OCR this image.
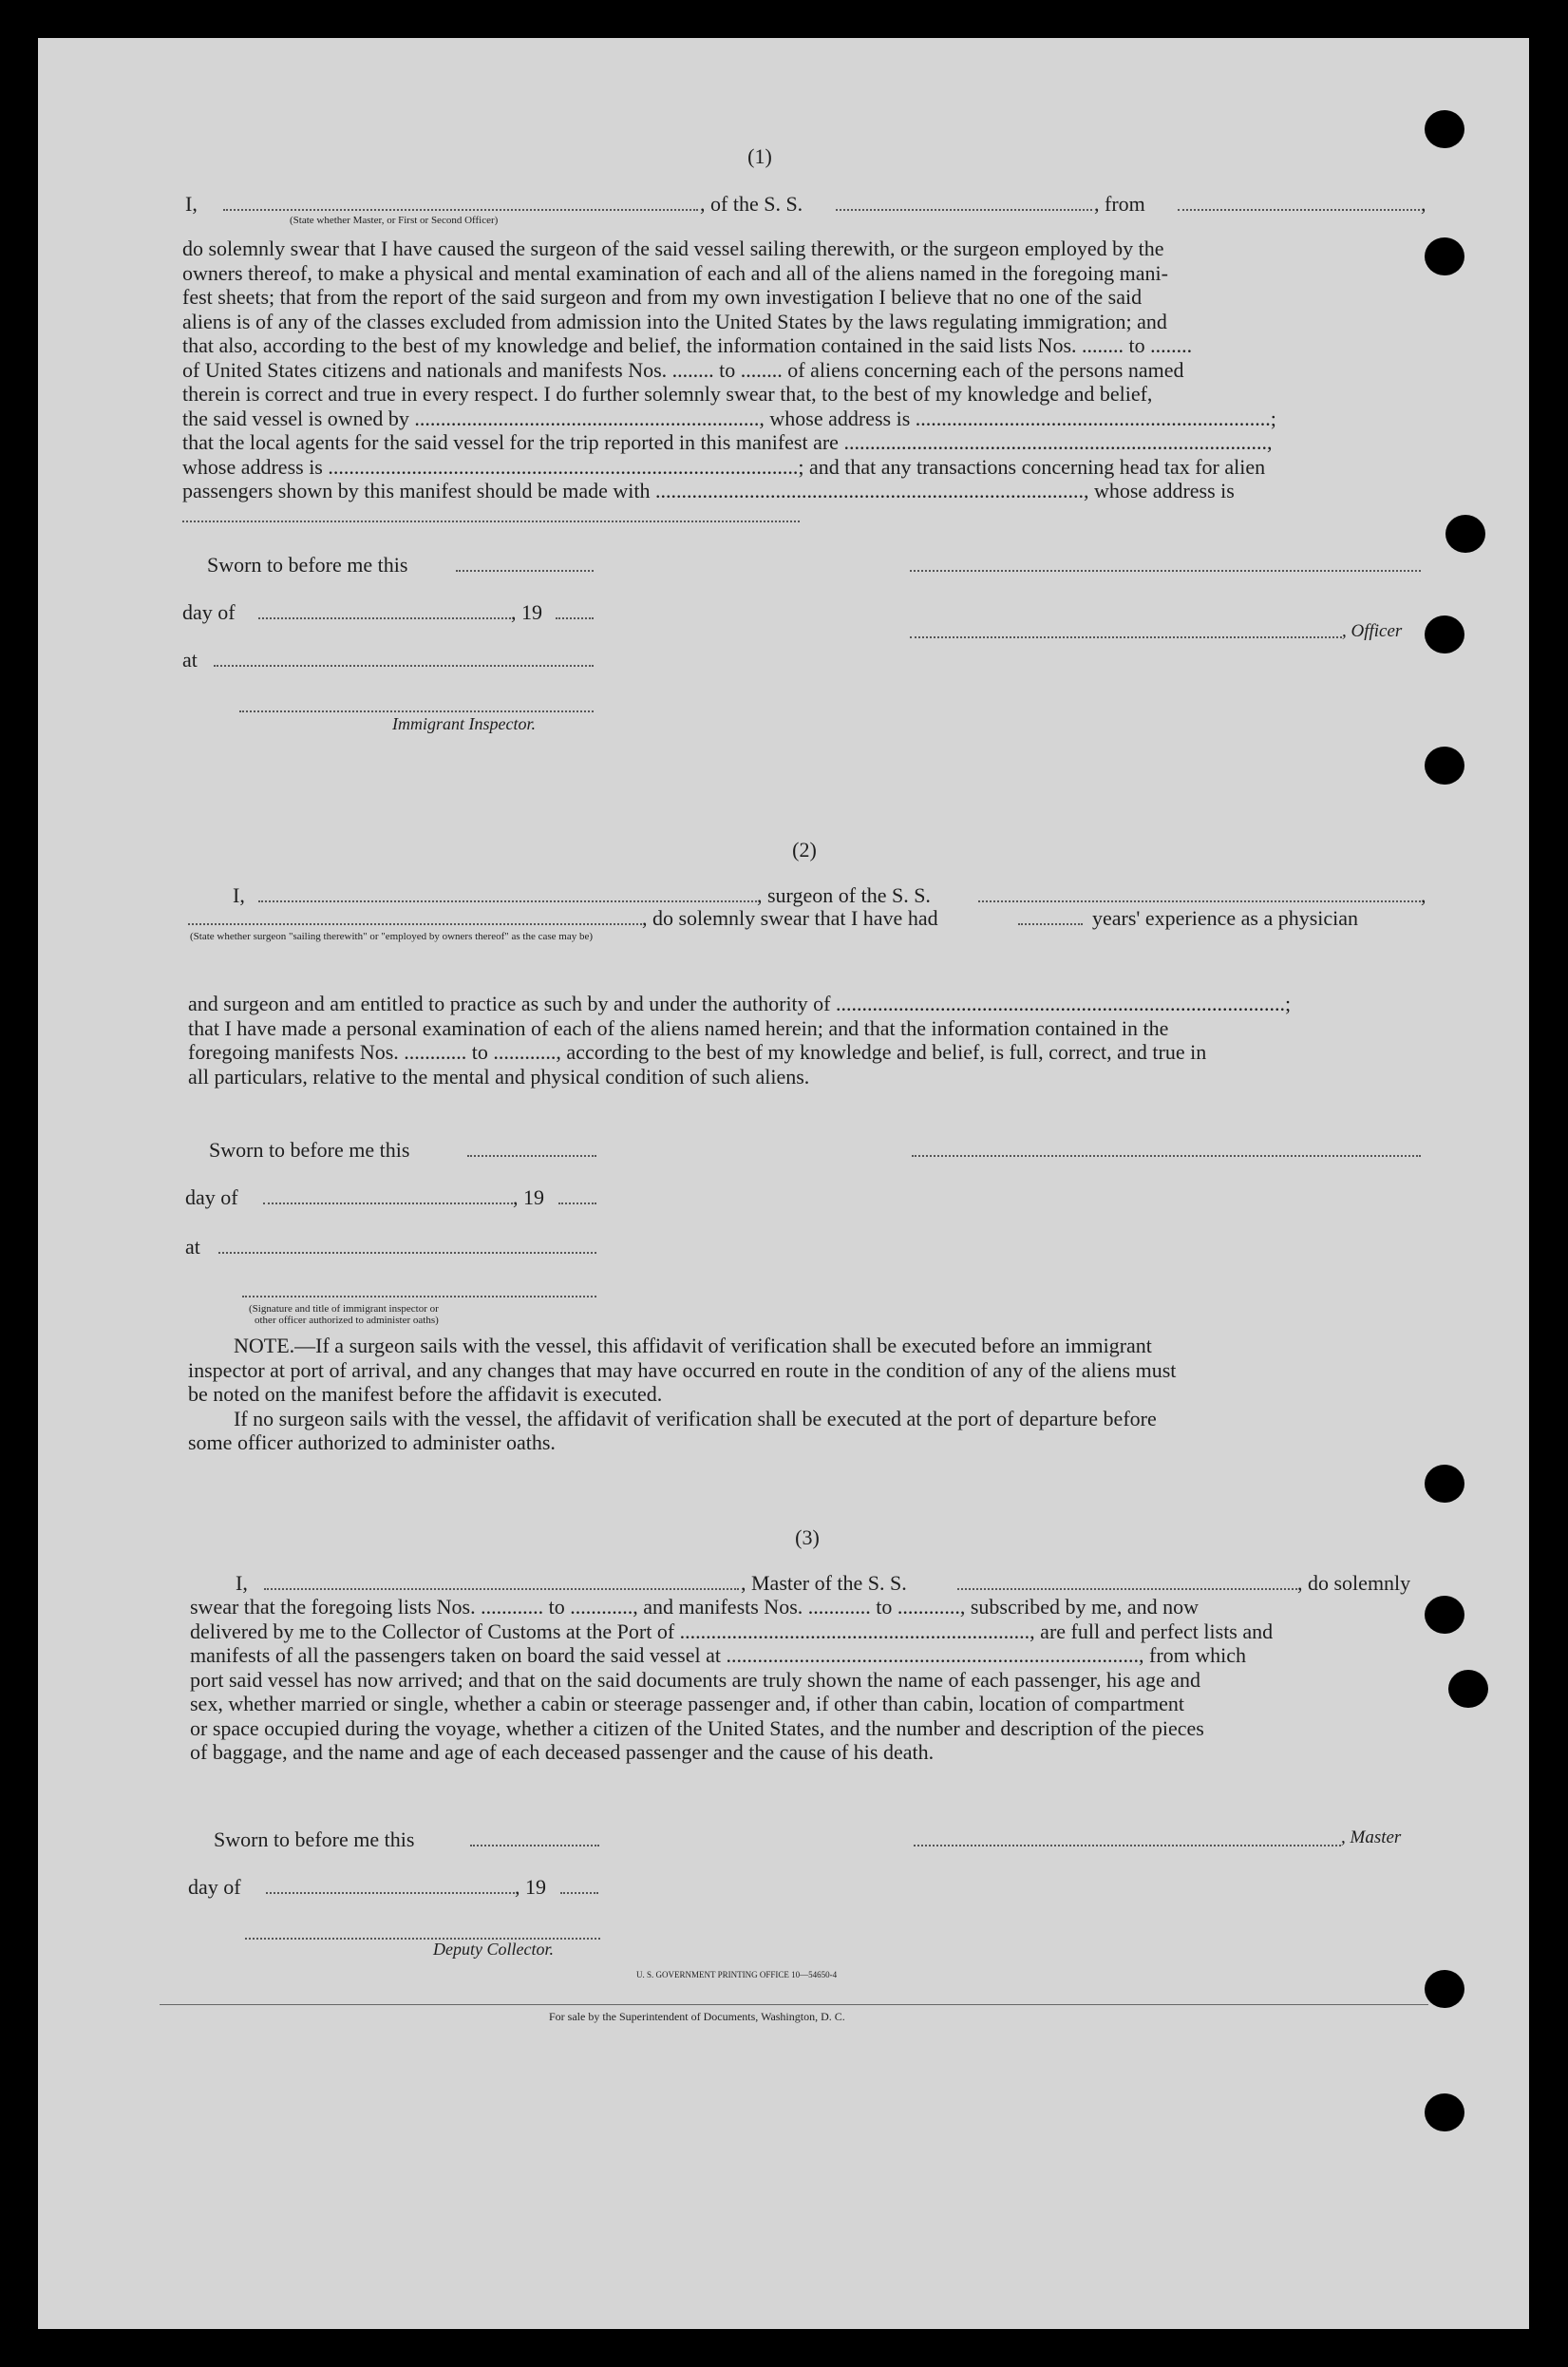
(1)
I,
(State whether Master, or First or Second Officer)
, of the S. S.	, from	,
do solemnly swear that I have caused the surgeon of the said vessel sailing therewith, or the surgeon employed by the
owners thereof, to make a physical and mental examination of each and all of the aliens named in the foregoing mani-
fest sheets; that from the report of the said surgeon and from my own investigation I believe that no one of the said
aliens is of any of the classes excluded from admission into the United States by the laws regulating immigration; and
that also, according to the best of my knowledge and belief, the information contained in the said lists Nos. ........ to ........
of United States citizens and nationals and manifests Nos. ........ to ........ of aliens concerning each of the persons named
therein is correct and true in every respect. I do further solemnly swear that, to the best of my knowledge and belief,
the said vessel is owned by .................................................................., whose address is ....................................................................;
that the local agents for the said vessel for the trip reported in this manifest are .................................................................................,
whose address is ..........................................................................................; and that any transactions concerning head tax for alien
passengers shown by this manifest should be made with .................................................................................., whose address is
Sworn to before me this
day of	, 19
, Officer
at
Immigrant Inspector.
(2)
I,	, surgeon of the S. S.	,
, do solemnly swear that I have had	years' experience as a physician
(State whether surgeon "sailing therewith" or "employed by owners thereof" as the case may be)
and surgeon and am entitled to practice as such by and under the authority of ......................................................................................;
that I have made a personal examination of each of the aliens named herein; and that the information contained in the
foregoing manifests Nos. ............ to ............, according to the best of my knowledge and belief, is full, correct, and true in
all particulars, relative to the mental and physical condition of such aliens.
Sworn to before me this
day of	, 19
at
(Signature and title of immigrant inspector or
other officer authorized to administer oaths)
NOTE.—If a surgeon sails with the vessel, this affidavit of verification shall be executed before an immigrant
inspector at port of arrival, and any changes that may have occurred en route in the condition of any of the aliens must
be noted on the manifest before the affidavit is executed.
If no surgeon sails with the vessel, the affidavit of verification shall be executed at the port of departure before
some officer authorized to administer oaths.
(3)
I,	, Master of the S. S.	, do solemnly
swear that the foregoing lists Nos. ............ to ............, and manifests Nos. ............ to ............, subscribed by me, and now
delivered by me to the Collector of Customs at the Port of ..................................................................., are full and perfect lists and
manifests of all the passengers taken on board the said vessel at ..............................................................................., from which
port said vessel has now arrived; and that on the said documents are truly shown the name of each passenger, his age and
sex, whether married or single, whether a cabin or steerage passenger and, if other than cabin, location of compartment
or space occupied during the voyage, whether a citizen of the United States, and the number and description of the pieces
of baggage, and the name and age of each deceased passenger and the cause of his death.
Sworn to before me this	, Master
day of	, 19
Deputy Collector.
U. S. GOVERNMENT PRINTING OFFICE 10—54650-4
For sale by the Superintendent of Documents, Washington, D. C.
